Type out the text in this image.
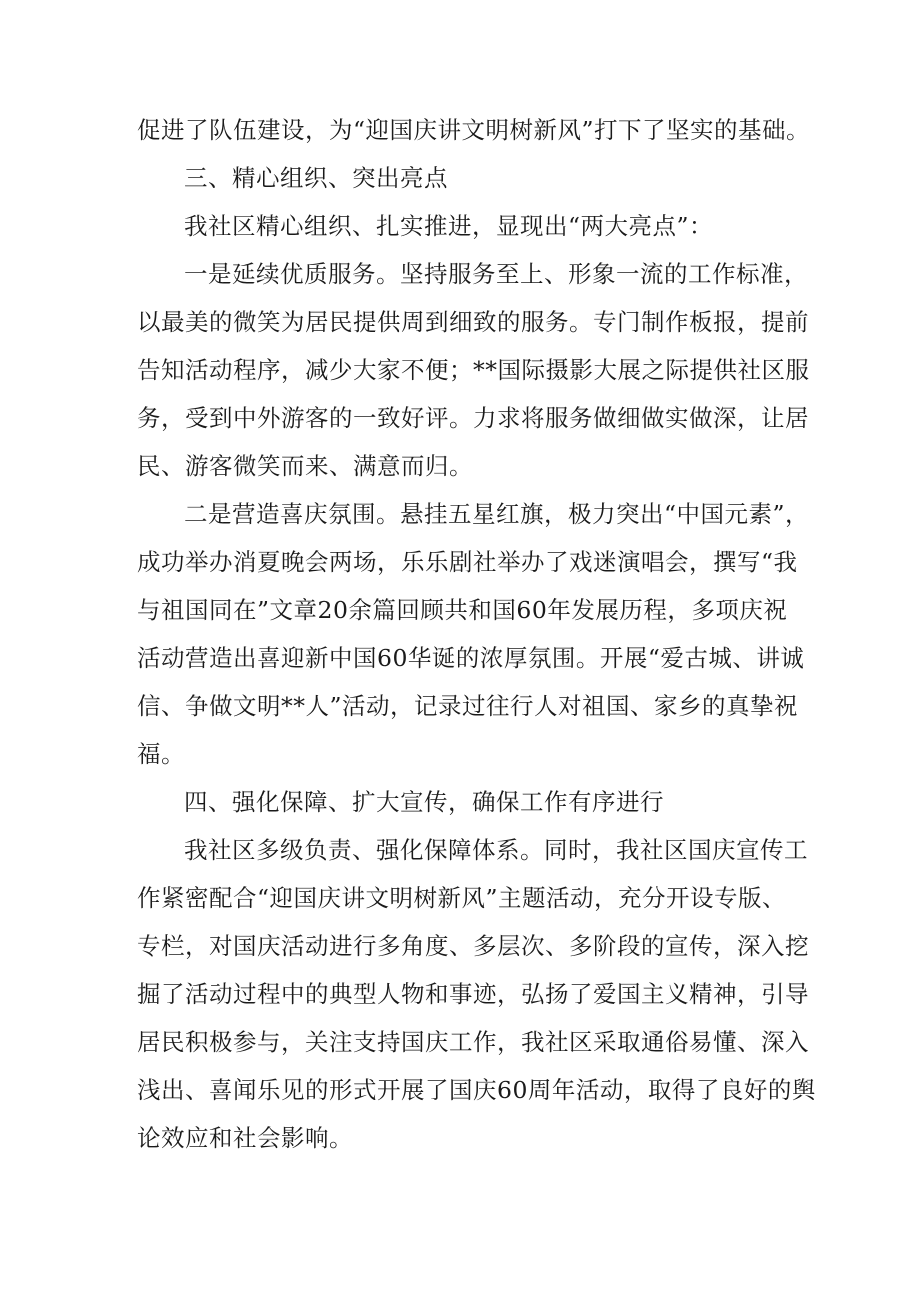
促进了队伍建设，为“迎国庆讲文明树新风”打下了坚实的基础。
三、精心组织、突出亮点
我社区精心组织、扎实推进，显现出“两大亮点”：
一是延续优质服务。坚持服务至上、形象一流的工作标准，
以最美的微笑为居民提供周到细致的服务。专门制作板报，提前
告知活动程序，减少大家不便；**国际摄影大展之际提供社区服
务，受到中外游客的一致好评。力求将服务做细做实做深，让居
民、游客微笑而来、满意而归。
二是营造喜庆氛围。悬挂五星红旗，极力突出“中国元素”，
成功举办消夏晚会两场，乐乐剧社举办了戏迷演唱会，撰写“我
与祖国同在”文章20余篇回顾共和国60年发展历程，多项庆祝
活动营造出喜迎新中国60华诞的浓厚氛围。开展“爱古城、讲诚
信、争做文明**人”活动，记录过往行人对祖国、家乡的真挚祝
福。
四、强化保障、扩大宣传，确保工作有序进行
我社区多级负责、强化保障体系。同时，我社区国庆宣传工
作紧密配合“迎国庆讲文明树新风”主题活动，充分开设专版、
专栏，对国庆活动进行多角度、多层次、多阶段的宣传，深入挖
掘了活动过程中的典型人物和事迹，弘扬了爱国主义精神，引导
居民积极参与，关注支持国庆工作，我社区采取通俗易懂、深入
浅出、喜闻乐见的形式开展了国庆60周年活动，取得了良好的舆
论效应和社会影响。
